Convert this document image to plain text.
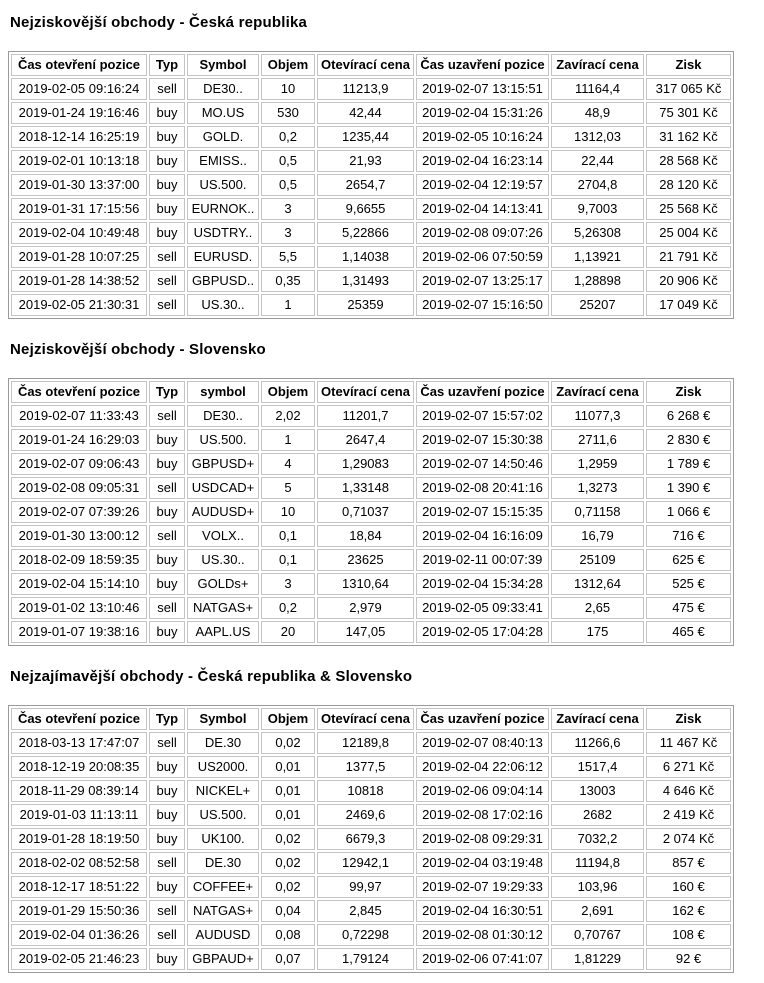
Nejziskovější obchody - Česká republika
Čas otevření pozice	Typ	Symbol	Objem	Otevírací cena	Čas uzavření pozice	Zavírací cena	Zisk
2019-02-05 09:16:24	sell	DE30..	10	11213,9	2019-02-07 13:15:51	11164,4	317 065 Kč
2019-01-24 19:16:46	buy	MO.US	530	42,44	2019-02-04 15:31:26	48,9	75 301 Kč
2018-12-14 16:25:19	buy	GOLD.	0,2	1235,44	2019-02-05 10:16:24	1312,03	31 162 Kč
2019-02-01 10:13:18	buy	EMISS..	0,5	21,93	2019-02-04 16:23:14	22,44	28 568 Kč
2019-01-30 13:37:00	buy	US.500.	0,5	2654,7	2019-02-04 12:19:57	2704,8	28 120 Kč
2019-01-31 17:15:56	buy	EURNOK..	3	9,6655	2019-02-04 14:13:41	9,7003	25 568 Kč
2019-02-04 10:49:48	buy	USDTRY..	3	5,22866	2019-02-08 09:07:26	5,26308	25 004 Kč
2019-01-28 10:07:25	sell	EURUSD.	5,5	1,14038	2019-02-06 07:50:59	1,13921	21 791 Kč
2019-01-28 14:38:52	sell	GBPUSD..	0,35	1,31493	2019-02-07 13:25:17	1,28898	20 906 Kč
2019-02-05 21:30:31	sell	US.30..	1	25359	2019-02-07 15:16:50	25207	17 049 Kč
Nejziskovější obchody - Slovensko
Čas otevření pozice	Typ	symbol	Objem	Otevírací cena	Čas uzavření pozice	Zavírací cena	Zisk
2019-02-07 11:33:43	sell	DE30..	2,02	11201,7	2019-02-07 15:57:02	11077,3	6 268 €
2019-01-24 16:29:03	buy	US.500.	1	2647,4	2019-02-07 15:30:38	2711,6	2 830 €
2019-02-07 09:06:43	buy	GBPUSD+	4	1,29083	2019-02-07 14:50:46	1,2959	1 789 €
2019-02-08 09:05:31	sell	USDCAD+	5	1,33148	2019-02-08 20:41:16	1,3273	1 390 €
2019-02-07 07:39:26	buy	AUDUSD+	10	0,71037	2019-02-07 15:15:35	0,71158	1 066 €
2019-01-30 13:00:12	sell	VOLX..	0,1	18,84	2019-02-04 16:16:09	16,79	716 €
2018-02-09 18:59:35	buy	US.30..	0,1	23625	2019-02-11 00:07:39	25109	625 €
2019-02-04 15:14:10	buy	GOLDs+	3	1310,64	2019-02-04 15:34:28	1312,64	525 €
2019-01-02 13:10:46	sell	NATGAS+	0,2	2,979	2019-02-05 09:33:41	2,65	475 €
2019-01-07 19:38:16	buy	AAPL.US	20	147,05	2019-02-05 17:04:28	175	465 €
Nejzajímavější obchody - Česká republika & Slovensko
Čas otevření pozice	Typ	Symbol	Objem	Otevírací cena	Čas uzavření pozice	Zavírací cena	Zisk
2018-03-13 17:47:07	sell	DE.30	0,02	12189,8	2019-02-07 08:40:13	11266,6	11 467 Kč
2018-12-19 20:08:35	buy	US2000.	0,01	1377,5	2019-02-04 22:06:12	1517,4	6 271 Kč
2018-11-29 08:39:14	buy	NICKEL+	0,01	10818	2019-02-06 09:04:14	13003	4 646 Kč
2019-01-03 11:13:11	buy	US.500.	0,01	2469,6	2019-02-08 17:02:16	2682	2 419 Kč
2019-01-28 18:19:50	buy	UK100.	0,02	6679,3	2019-02-08 09:29:31	7032,2	2 074 Kč
2018-02-02 08:52:58	sell	DE.30	0,02	12942,1	2019-02-04 03:19:48	11194,8	857 €
2018-12-17 18:51:22	buy	COFFEE+	0,02	99,97	2019-02-07 19:29:33	103,96	160 €
2019-01-29 15:50:36	sell	NATGAS+	0,04	2,845	2019-02-04 16:30:51	2,691	162 €
2019-02-04 01:36:26	sell	AUDUSD	0,08	0,72298	2019-02-08 01:30:12	0,70767	108 €
2019-02-05 21:46:23	buy	GBPAUD+	0,07	1,79124	2019-02-06 07:41:07	1,81229	92 €
